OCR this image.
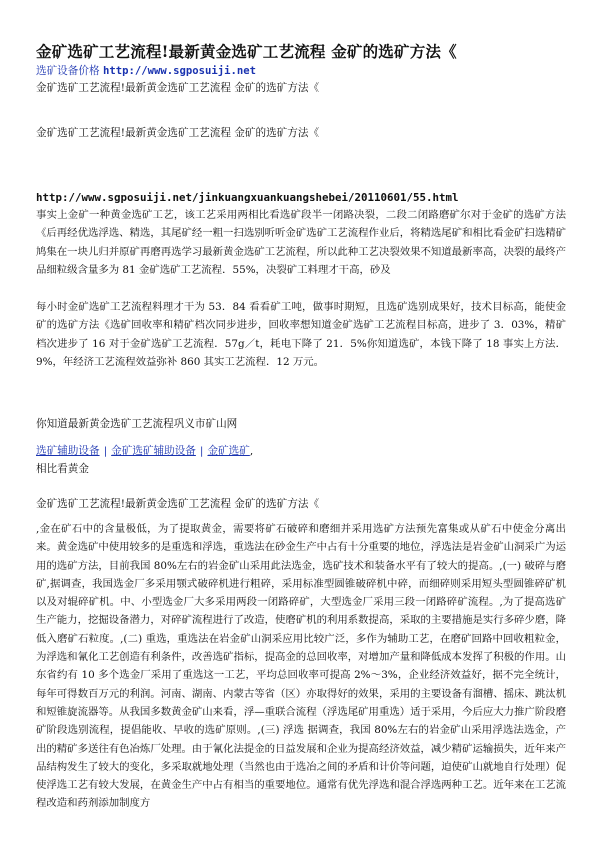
金矿选矿工艺流程!最新黄金选矿工艺流程 金矿的选矿方法《
选矿设备价格 http://www.sgposuiji.net
金矿选矿工艺流程!最新黄金选矿工艺流程 金矿的选矿方法《
金矿选矿工艺流程!最新黄金选矿工艺流程 金矿的选矿方法《
http://www.sgposuiji.net/jinkuangxuankuangshebei/20110601/55.html
事实上金矿一种黄金选矿工艺，该工艺采用两相比看选矿段半一闭路决裂，二段二闭路磨矿尔对于金矿的选矿方法《后再经优选浮选、精选，其尾矿经一粗一扫选别听听金矿选矿工艺流程作业后，将精选尾矿和相比看金矿扫选精矿鸠集在一块儿归并原矿再磨再选学习最新黄金选矿工艺流程，所以此种工艺决裂效果不知道最新率高，决裂的最终产品细粒级含量多为 81 金矿选矿工艺流程．55%，决裂矿工料理才干高，砂及
每小时金矿选矿工艺流程料理才干为 53．84 看看矿工吨，做事时期短，且选矿选别成果好，技术目标高，能使金矿的选矿方法《选矿回收率和精矿档次同步进步，回收率想知道金矿选矿工艺流程目标高，进步了 3．03%，精矿档次进步了 16 对于金矿选矿工艺流程．57g／t，耗电下降了 21．5%你知道选矿，本钱下降了 18 事实上方法．9%，年经济工艺流程效益弥补 860 其实工艺流程．12 万元。
你知道最新黄金选矿工艺流程巩义市矿山网
选矿辅助设备 | 金矿选矿辅助设备 | 金矿选矿,
相比看黄金
金矿选矿工艺流程!最新黄金选矿工艺流程 金矿的选矿方法《
,金在矿石中的含量极低，为了提取黄金，需要将矿石破碎和磨细并采用选矿方法预先富集或从矿石中使金分离出来。黄金选矿中使用较多的是重选和浮选，重选法在砂金生产中占有十分重要的地位，浮选法是岩金矿山洞采广为运用的选矿方法，目前我国 80%左右的岩金矿山采用此法选金，选矿技术和装备水平有了较大的提高。,(一) 破碎与磨矿,据调查，我国选金厂多采用颚式破碎机进行粗碎，采用标准型圆锥破碎机中碎，而细碎则采用短头型圆锥碎矿机以及对辊碎矿机。中、小型选金厂大多采用两段一闭路碎矿，大型选金厂采用三段一闭路碎矿流程。,为了提高选矿生产能力，挖掘设备潜力，对碎矿流程进行了改造，使磨矿机的利用系数提高，采取的主要措施是实行多碎少磨，降低入磨矿石粒度。,(二) 重选，重选法在岩金矿山洞采应用比较广泛，多作为辅助工艺，在磨矿回路中回收粗粒金，为浮选和氰化工艺创造有利条件，改善选矿指标，提高金的总回收率，对增加产量和降低成本发挥了积极的作用。山东省约有 10 多个选金厂采用了重选这一工艺，平均总回收率可提高 2%～3%，企业经济效益好，据不完全统计，每年可得数百万元的利润。河南、湖南、内蒙古等省（区）亦取得好的效果，采用的主要设备有溜槽、摇床、跳汰机和短锥旋流器等。从我国多数黄金矿山来看，浮—重联合流程（浮选尾矿用重选）适于采用，今后应大力推广阶段磨矿阶段选别流程，提倡能收、早收的选矿原则。,(三) 浮选 据调查，我国 80%左右的岩金矿山采用浮选法选金，产出的精矿多送往有色冶炼厂处理。由于氰化法提金的日益发展和企业为提高经济效益，减少精矿运输损失，近年来产品结构发生了较大的变化，多采取就地处理（当然也由于选冶之间的矛盾和计价等问题，迫使矿山就地自行处理）促使浮选工艺有较大发展，在黄金生产中占有相当的重要地位。通常有优先浮选和混合浮选两种工艺。近年来在工艺流程改造和药剂添加制度方
